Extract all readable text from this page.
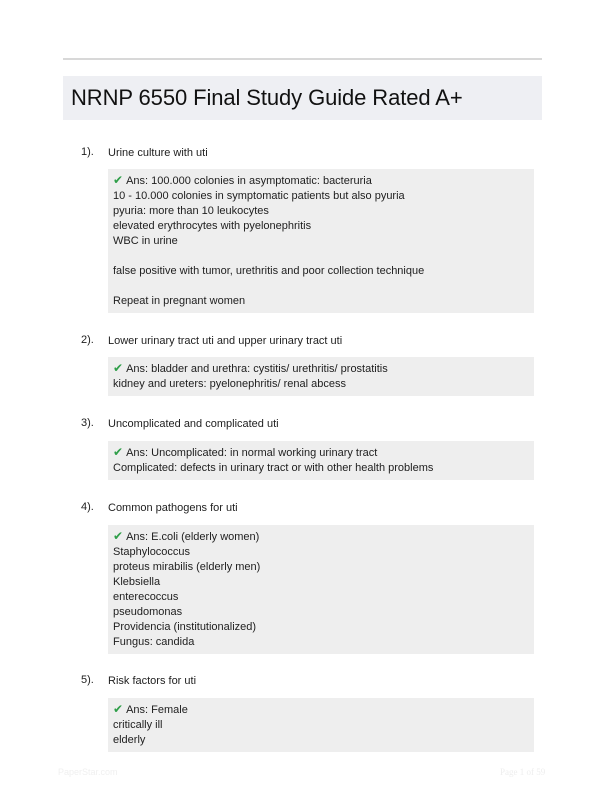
NRNP 6550 Final Study Guide Rated A+
1). Urine culture with uti
✔ Ans: 100.000 colonies in asymptomatic: bacteruria
10 - 10.000 colonies in symptomatic patients but also pyuria
pyuria: more than 10 leukocytes
elevated erythrocytes with pyelonephritis
WBC in urine
false positive with tumor, urethritis and poor collection technique
Repeat in pregnant women
2). Lower urinary tract uti and upper urinary tract uti
✔ Ans: bladder and urethra: cystitis/ urethritis/ prostatitis
kidney and ureters: pyelonephritis/ renal abcess
3). Uncomplicated and complicated uti
✔ Ans: Uncomplicated: in normal working urinary tract
Complicated: defects in urinary tract or with other health problems
4). Common pathogens for uti
✔ Ans: E.coli (elderly women)
Staphylococcus
proteus mirabilis (elderly men)
Klebsiella
enterecoccus
pseudomonas
Providencia (institutionalized)
Fungus: candida
5). Risk factors for uti
✔ Ans: Female
critically ill
elderly
PaperStar.com	Page 1 of 59
